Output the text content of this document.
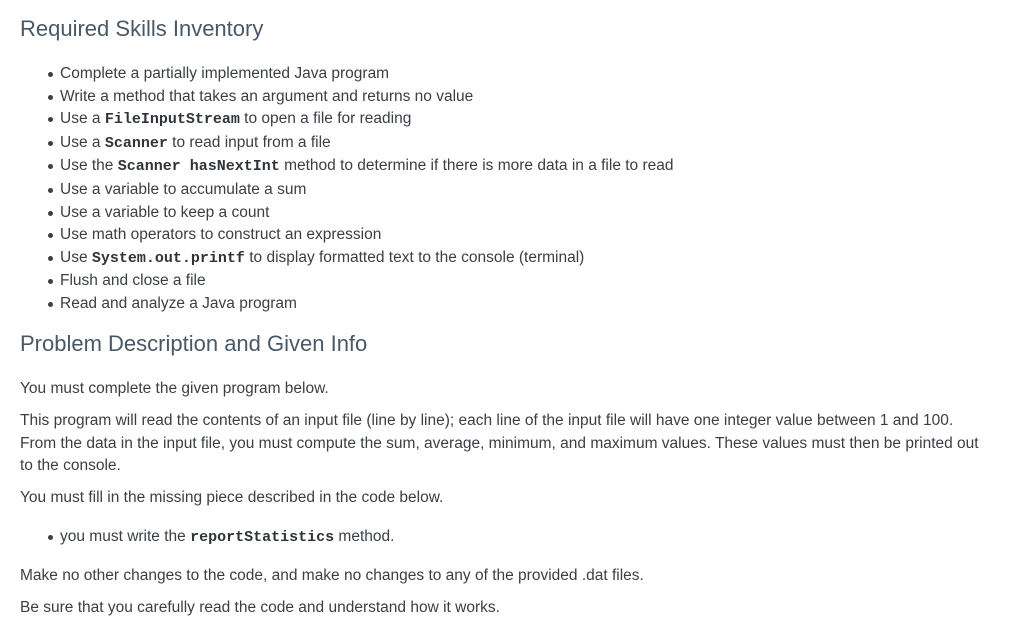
Required Skills Inventory
Complete a partially implemented Java program
Write a method that takes an argument and returns no value
Use a FileInputStream to open a file for reading
Use a Scanner to read input from a file
Use the Scanner hasNextInt method to determine if there is more data in a file to read
Use a variable to accumulate a sum
Use a variable to keep a count
Use math operators to construct an expression
Use System.out.printf to display formatted text to the console (terminal)
Flush and close a file
Read and analyze a Java program
Problem Description and Given Info

You must complete the given program below.

This program will read the contents of an input file (line by line); each line of the input file will have one integer value between 1 and 100. From the data in the input file, you must compute the sum, average, minimum, and maximum values. These values must then be printed out to the console.

You must fill in the missing piece described in the code below.

you must write the reportStatistics method.

Make no other changes to the code, and make no changes to any of the provided .dat files.

Be sure that you carefully read the code and understand how it works.
